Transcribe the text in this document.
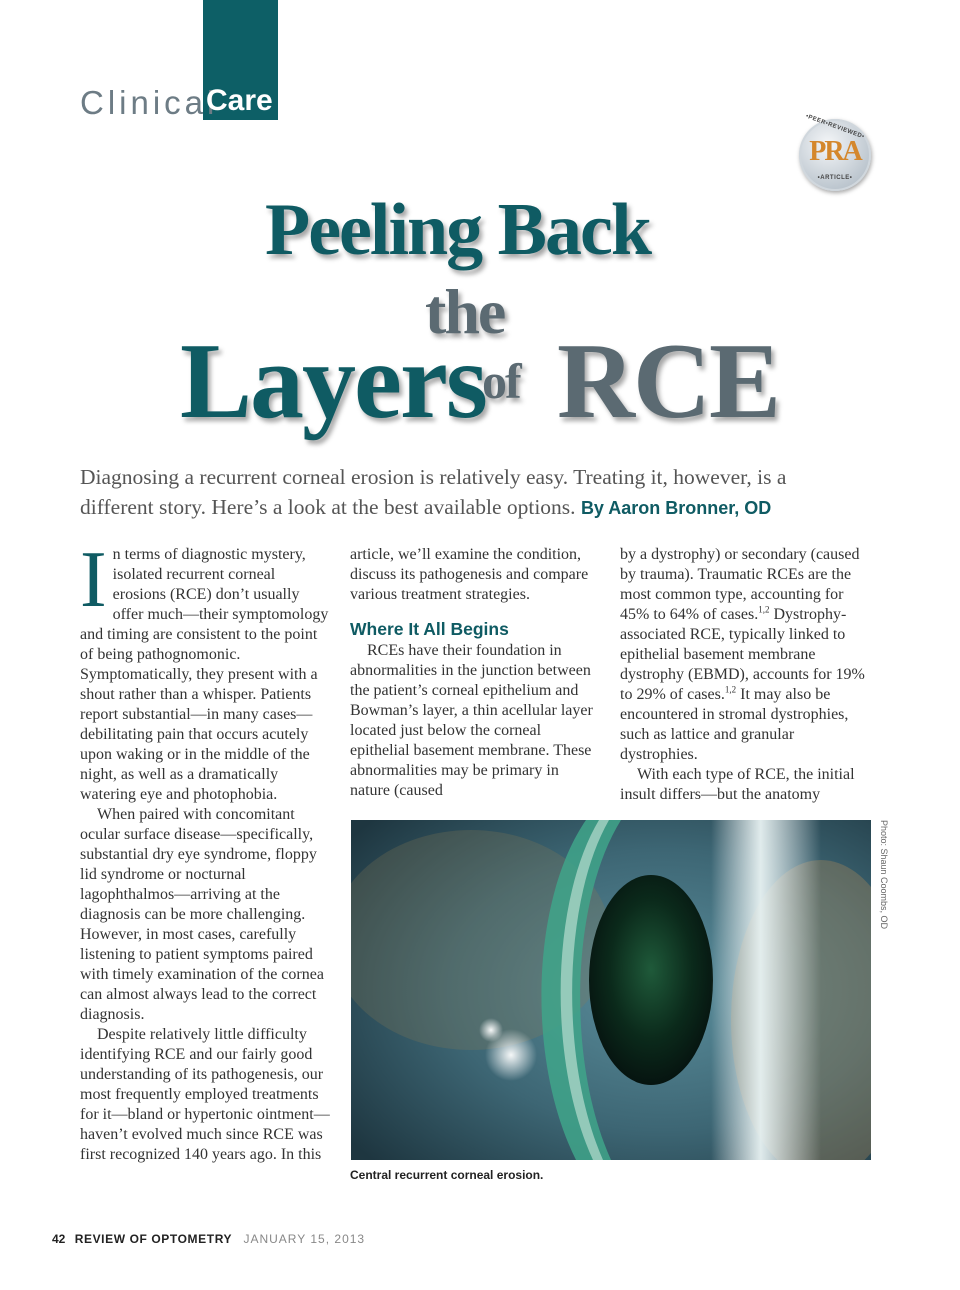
Clinical
Care
•PEER•REVIEWED•
PRA
•ARTICLE•
Peeling Back
the
Layers
of RCE
Diagnosing a recurrent corneal erosion is relatively easy. Treating it, however, is a different story. Here’s a look at the best available options. By Aaron Bronner, OD

In terms of diagnostic mystery, isolated recurrent corneal erosions (RCE) don’t usually offer much—their symptomology and timing are consistent to the point of being pathognomonic. Symptomatically, they present with a shout rather than a whisper. Patients report substantial—in many cases—debilitating pain that occurs acutely upon waking or in the middle of the night, as well as a dramatically watering eye and photophobia.

When paired with concomitant ocular surface disease—specifically, substantial dry eye syndrome, floppy lid syndrome or nocturnal lagophthalmos—arriving at the diagnosis can be more challenging. However, in most cases, carefully listening to patient symptoms paired with timely examination of the cornea can almost always lead to the correct diagnosis.

Despite relatively little difficulty identifying RCE and our fairly good understanding of its pathogenesis, our most frequently employed treatments for it—bland or hypertonic ointment—haven’t evolved much since RCE was first recognized 140 years ago. In this

article, we’ll examine the condition, discuss its pathogenesis and compare various treatment strategies.

Where It All Begins

RCEs have their foundation in abnormalities in the junction between the patient’s corneal epithelium and Bowman’s layer, a thin acellular layer located just below the corneal epithelial basement membrane. These abnormalities may be primary in nature (caused

by a dystrophy) or secondary (caused by trauma). Traumatic RCEs are the most common type, accounting for 45% to 64% of cases.$^{1,2}$ Dystrophy-associated RCE, typically linked to epithelial basement membrane dystrophy (EBMD), accounts for 19% to 29% of cases.$^{1,2}$ It may also be encountered in stromal dystrophies, such as lattice and granular dystrophies.

With each type of RCE, the initial insult differs—but the anatomy

Photo: Shaun Coombs, OD
Central recurrent corneal erosion.
42 REVIEW OF OPTOMETRY JANUARY 15, 2013
